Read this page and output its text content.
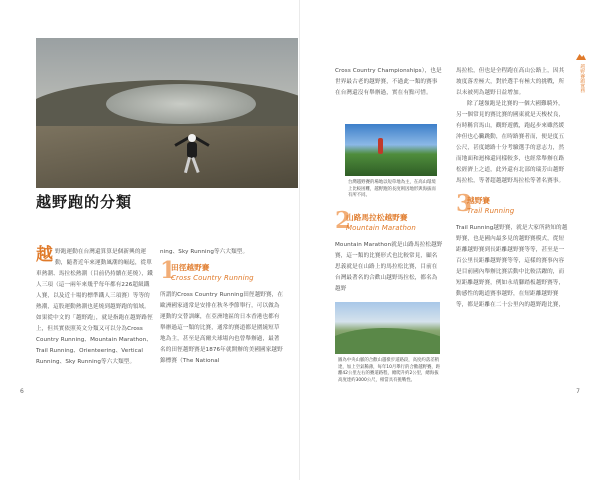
越野跑的分類
越 野跑運動在台灣還算算是個新興的運動，隨著近年來運動風潮的崛起，從單車熱潮、馬拉松熱潮（目前仍持續在延燒），鐵人三項（這一兩年來幾乎每年都有226超級鐵人賽，以及近十場的標準鐵人三項賽）等等的熱潮，這股運動熱潮也延燒到越野跑的領域。如果從中文的「越野跑」，就是指跑在越野路徑上，但其實依照英文分類又可以分為Cross Country Running、Mountain Marathon、Trail Running、Orienteering、Vertical Running、Sky Running等六大類型。
ning、Sky Running等六大類型。
1
田徑越野賽
Cross Country Running
所謂的Cross Country Running田徑越野賽，在歐洲國家通常是安排在秋冬季節舉行，可以做為運動的交替訓練，在亞洲地區的日本香港也都有舉辦過這一類的比賽，通常的賽道都是圍繞短草地為主，甚至是高爾夫球場內也曾舉辦過，最著名的田徑越野賽是1876年就開辦的美國國家越野錦標賽（The National
6
越野賽跑實務
7
Cross Country Championships），也是世界最古老的越野賽，不過此一類的賽事在台灣還沒有舉辦過，實在有點可惜。
台灣越野賽的場地以短草地為主，在高山環境上比較困難，越野跑的長度則因地形與海拔而有所不同。
2
山路馬拉松越野賽
Mountain Marathon
Mountain Marathon就是山路馬拉松越野賽，這一類的比賽形式也比較常見，顧名思義就是在山路上的馬拉松比賽，目前在台灣最著名的合歡山越野馬拉松，都名為越野
圖為中央山脈的合歡山越嶺步道路段，高度約落差稍達，加上空氣稀薄，每年10月舉行的合歡越野賽，距離42公里左右的賽道路程，總爬升約2公里，總海拔高度達約3000公尺，相當具有挑戰性。
馬拉松，但也是全程跑在高山公路上，因其坡度落差極大，對於選手有極大的挑戰，所以未被列為越野日益增加。
除了越嶺跑是比賽的一個大國難騎外，另一個常見的賽比賽的國東就是天梭杖良，有時稱宮馬山，觀野遊戲，跑起步來雖然緩沖但也心臟跳動，在時路賽者而，便是度五公尺，甚度總路十分考驗選手的意志力，然而地面和迴梯還同樣較多，也經常舉辦在路松經濟上之道，此外還有北部的瑞芳山越野馬拉松，等著超越越野馬拉松等著名賽事。
3
越野賽
Trail Running
Trail Running越野賽，就是大家所熟知的越野賽，也是國內最多見的越野賽模式，從短距離越野賽到長距離越野賽等等，甚至是一百公里長距離越野賽等等，這樣的賽事內容是目前國內舉辦比賽活動中比較活躍的，而短距離越野賽，例如永靖腳踏板越野賽等，動感性的跑道賽事越野，在短距離越野賽等，都是距離在二十公里內的越野跑比賽，
